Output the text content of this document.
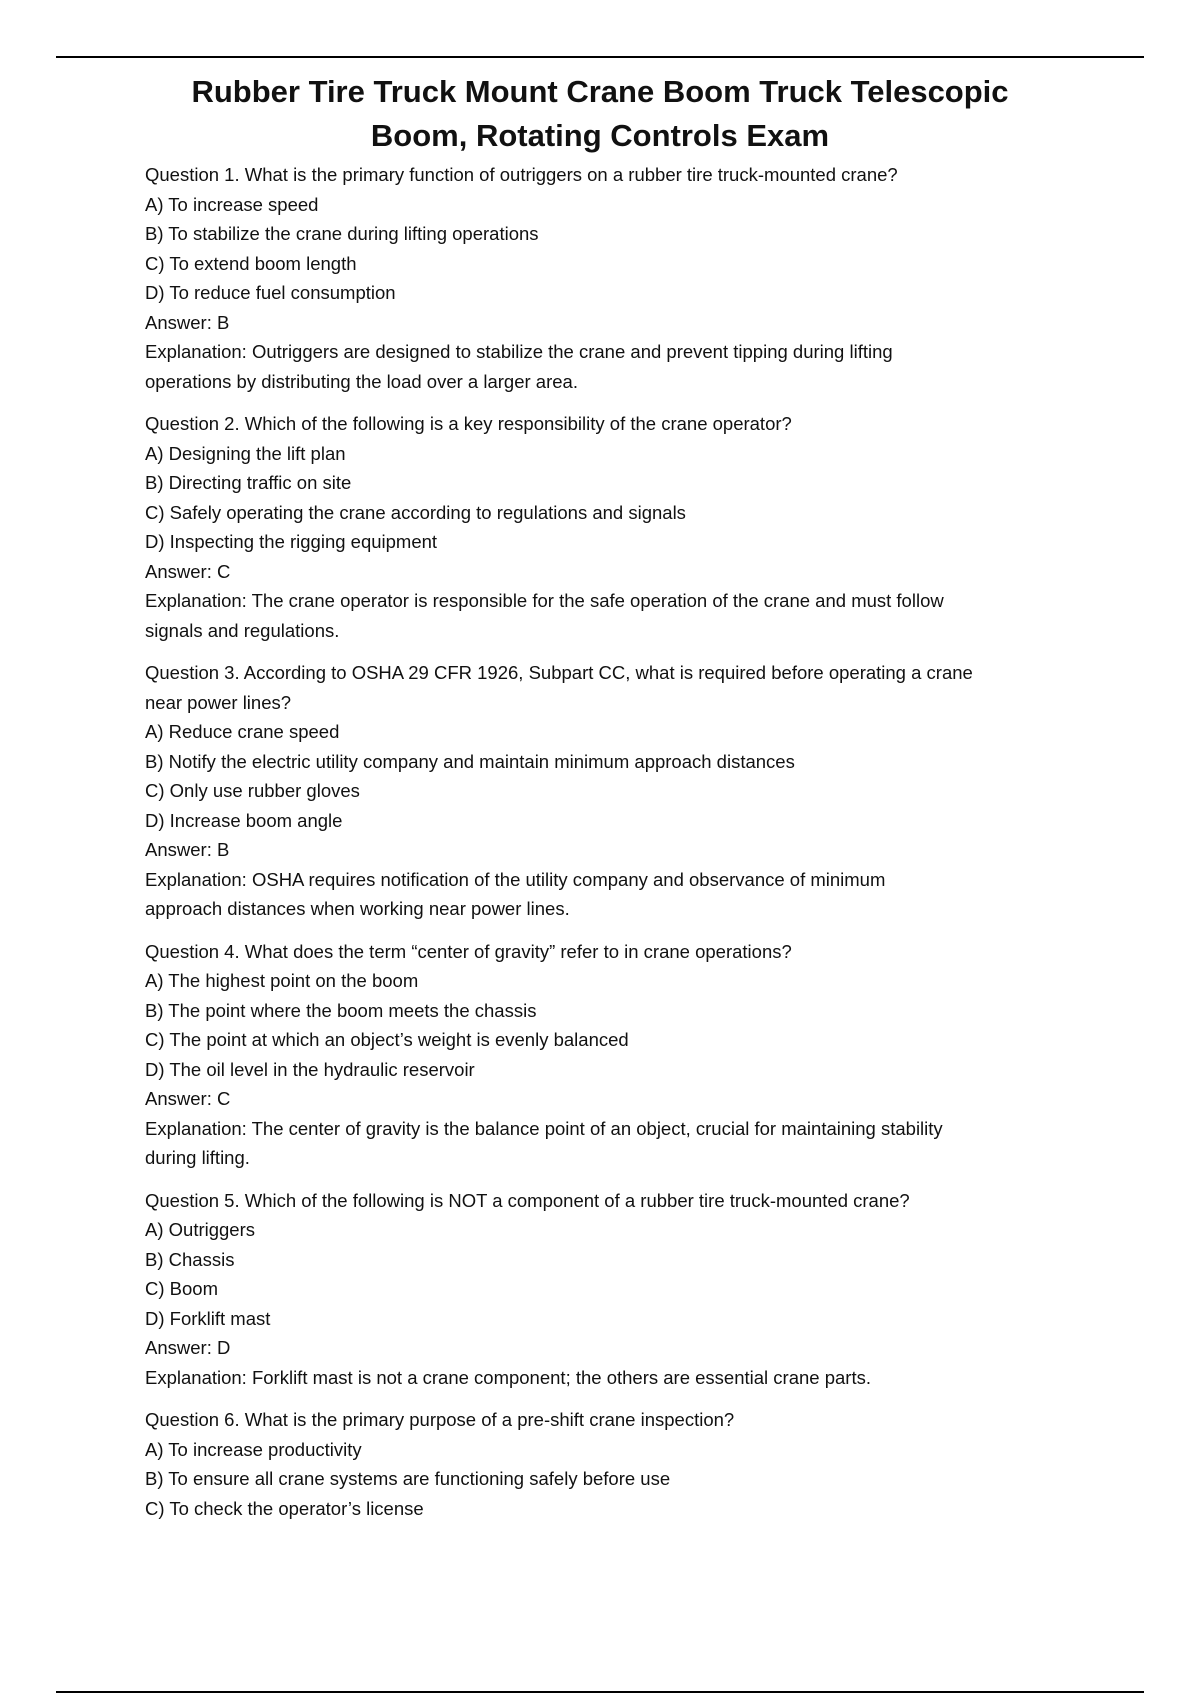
Rubber Tire Truck Mount Crane Boom Truck Telescopic
Boom, Rotating Controls Exam
Question 1. What is the primary function of outriggers on a rubber tire truck-mounted crane?
A) To increase speed
B) To stabilize the crane during lifting operations
C) To extend boom length
D) To reduce fuel consumption
Answer: B
Explanation: Outriggers are designed to stabilize the crane and prevent tipping during lifting
operations by distributing the load over a larger area.
Question 2. Which of the following is a key responsibility of the crane operator?
A) Designing the lift plan
B) Directing traffic on site
C) Safely operating the crane according to regulations and signals
D) Inspecting the rigging equipment
Answer: C
Explanation: The crane operator is responsible for the safe operation of the crane and must follow
signals and regulations.
Question 3. According to OSHA 29 CFR 1926, Subpart CC, what is required before operating a crane
near power lines?
A) Reduce crane speed
B) Notify the electric utility company and maintain minimum approach distances
C) Only use rubber gloves
D) Increase boom angle
Answer: B
Explanation: OSHA requires notification of the utility company and observance of minimum
approach distances when working near power lines.
Question 4. What does the term “center of gravity” refer to in crane operations?
A) The highest point on the boom
B) The point where the boom meets the chassis
C) The point at which an object’s weight is evenly balanced
D) The oil level in the hydraulic reservoir
Answer: C
Explanation: The center of gravity is the balance point of an object, crucial for maintaining stability
during lifting.
Question 5. Which of the following is NOT a component of a rubber tire truck-mounted crane?
A) Outriggers
B) Chassis
C) Boom
D) Forklift mast
Answer: D
Explanation: Forklift mast is not a crane component; the others are essential crane parts.
Question 6. What is the primary purpose of a pre-shift crane inspection?
A) To increase productivity
B) To ensure all crane systems are functioning safely before use
C) To check the operator’s license
